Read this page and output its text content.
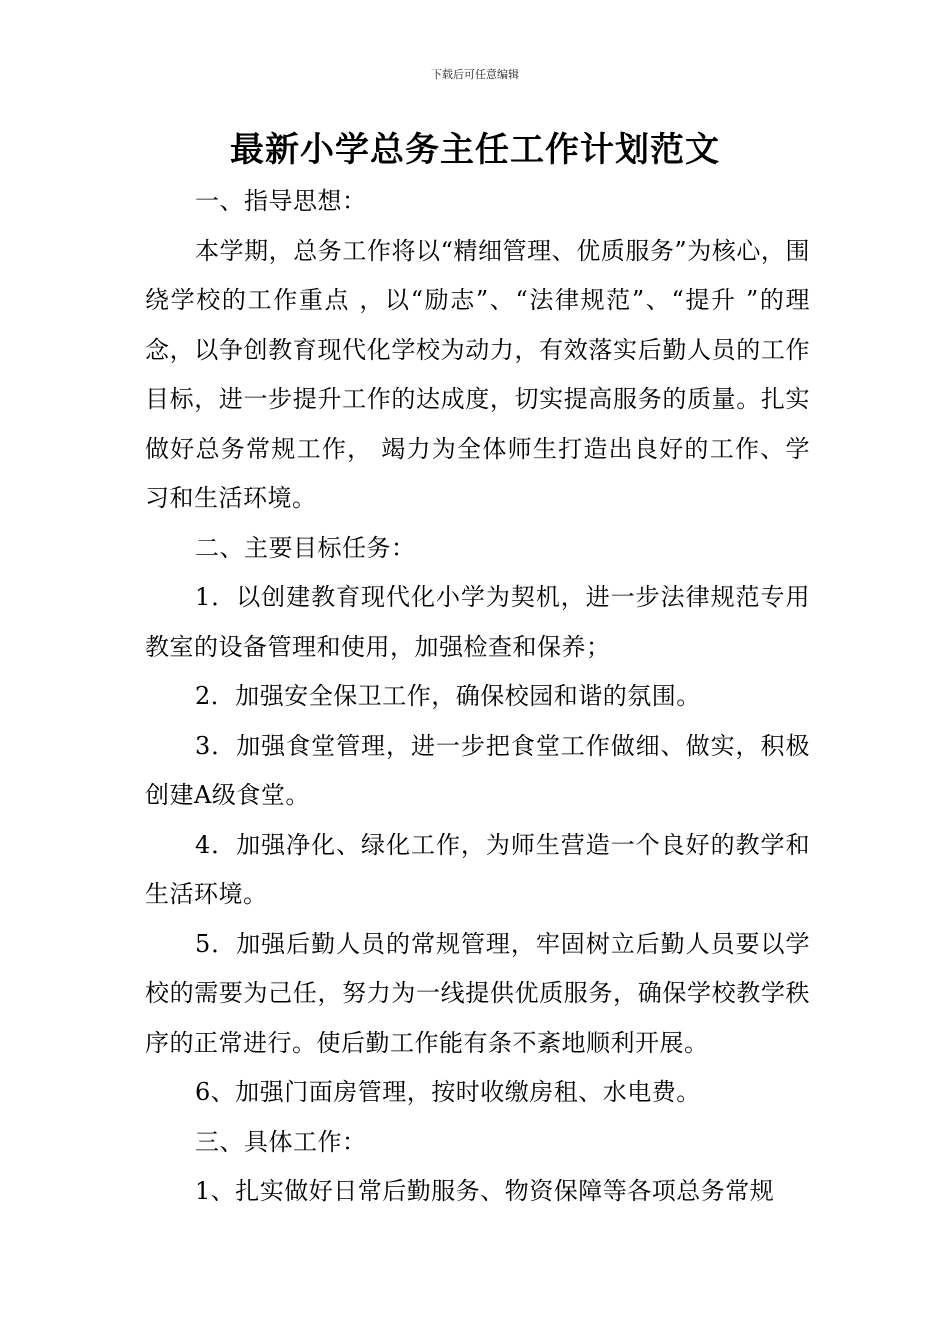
下载后可任意编辑
最新小学总务主任工作计划范文

一、指导思想：

本学期，总务工作将以“精细管理、优质服务”为核心，围绕学校的工作重点 ，以“励志”、“法律规范”、“提升 ”的理念，以争创教育现代化学校为动力，有效落实后勤人员的工作目标，进一步提升工作的达成度，切实提高服务的质量。扎实做好总务常规工作， 竭力为全体师生打造出良好的工作、学习和生活环境。

二、主要目标任务：

1．以创建教育现代化小学为契机，进一步法律规范专用教室的设备管理和使用，加强检查和保养；

2．加强安全保卫工作，确保校园和谐的氛围。

3．加强食堂管理，进一步把食堂工作做细、做实，积极创建A级食堂。

4．加强净化、绿化工作，为师生营造一个良好的教学和生活环境。

5．加强后勤人员的常规管理，牢固树立后勤人员要以学校的需要为己任，努力为一线提供优质服务，确保学校教学秩序的正常进行。使后勤工作能有条不紊地顺利开展。

6、加强门面房管理，按时收缴房租、水电费。

三、具体工作：

1、扎实做好日常后勤服务、物资保障等各项总务常规
